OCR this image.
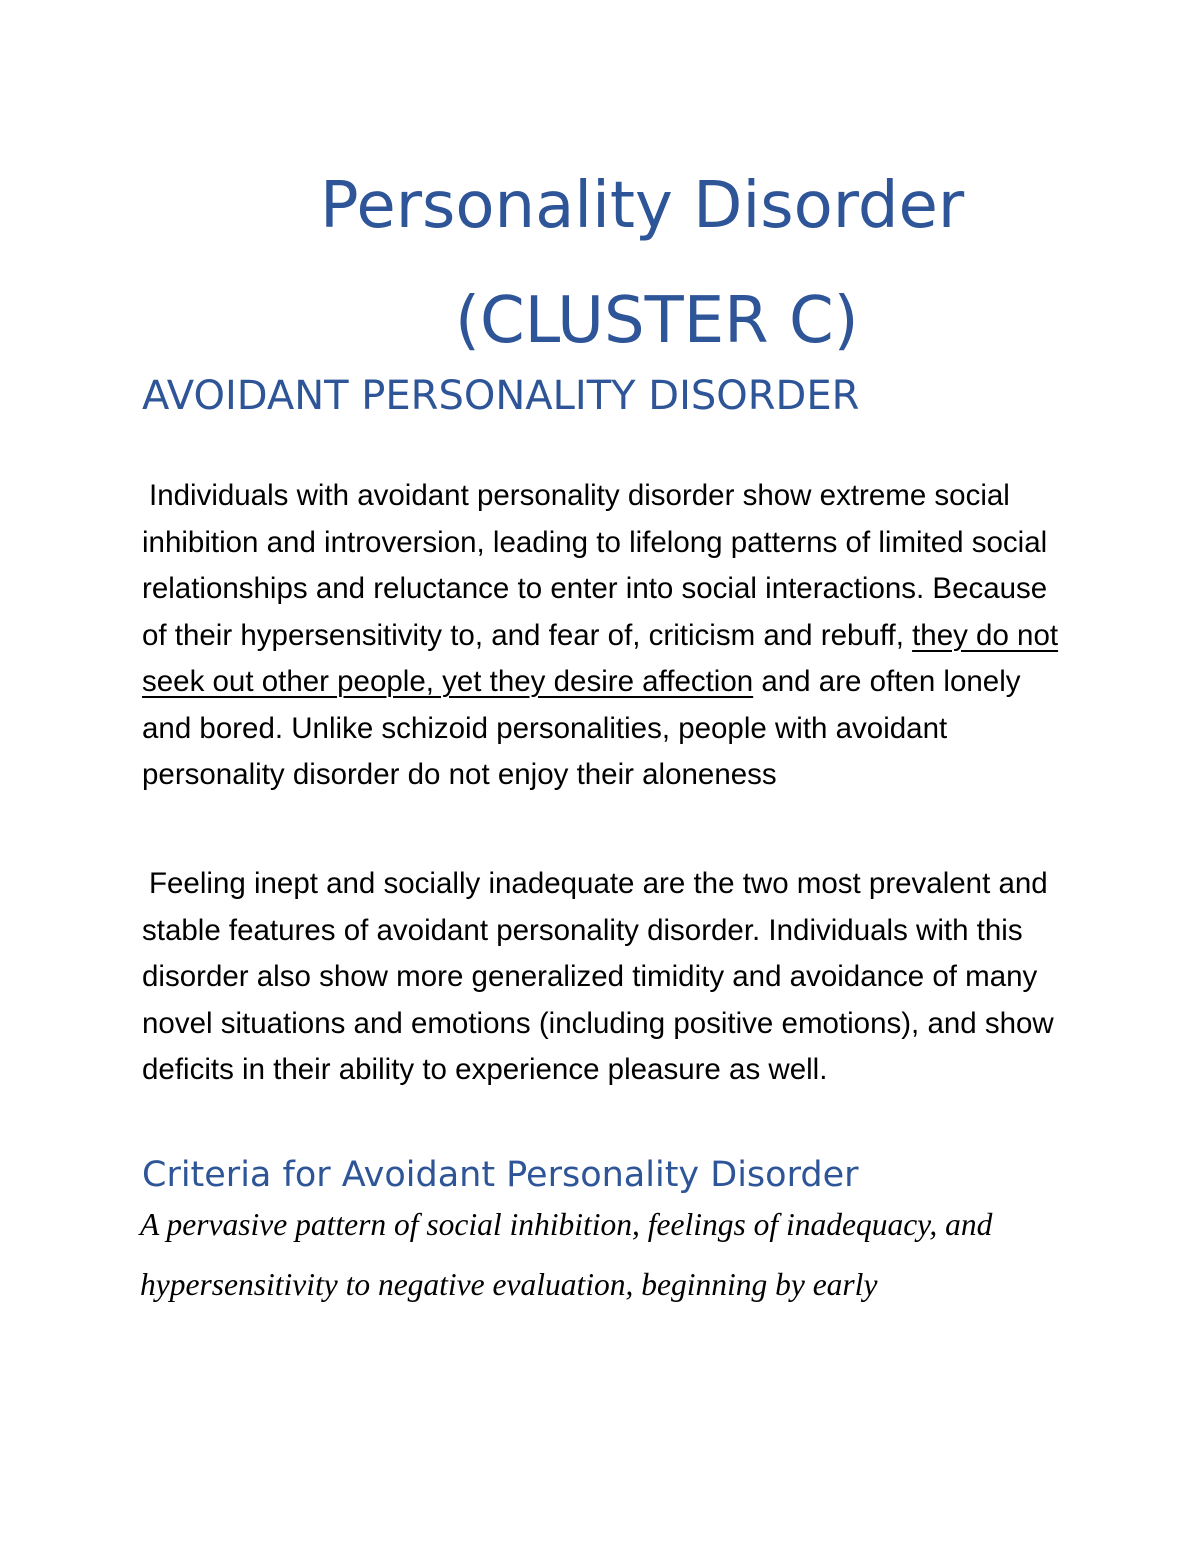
Personality Disorder
(CLUSTER C)
AVOIDANT PERSONALITY DISORDER

Individuals with avoidant personality disorder show extreme social inhibition and introversion, leading to lifelong patterns of limited social relationships and reluctance to enter into social interactions. Because of their hypersensitivity to, and fear of, criticism and rebuff, they do not seek out other people, yet they desire affection and are often lonely and bored. Unlike schizoid personalities, people with avoidant personality disorder do not enjoy their aloneness

Feeling inept and socially inadequate are the two most prevalent and stable features of avoidant personality disorder. Individuals with this disorder also show more generalized timidity and avoidance of many novel situations and emotions (including positive emotions), and show deficits in their ability to experience pleasure as well.

Criteria for Avoidant Personality Disorder

A pervasive pattern of social inhibition, feelings of inadequacy, and hypersensitivity to negative evaluation, beginning by early
